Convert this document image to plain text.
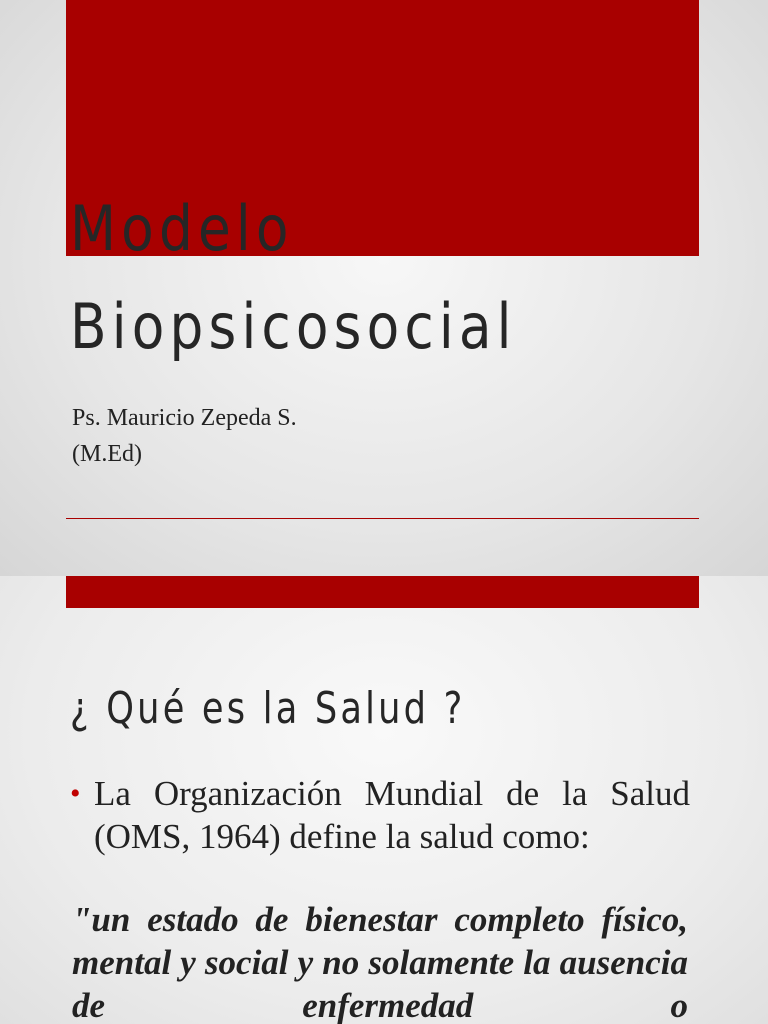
Modelo
Biopsicosocial

Ps. Mauricio Zepeda S.
(M.Ed)

¿ Qué es la Salud ?
• La Organización Mundial de la Salud (OMS, 1964) define la salud como:

"un estado de bienestar completo físico, mental y social y no solamente la ausencia de enfermedad o
